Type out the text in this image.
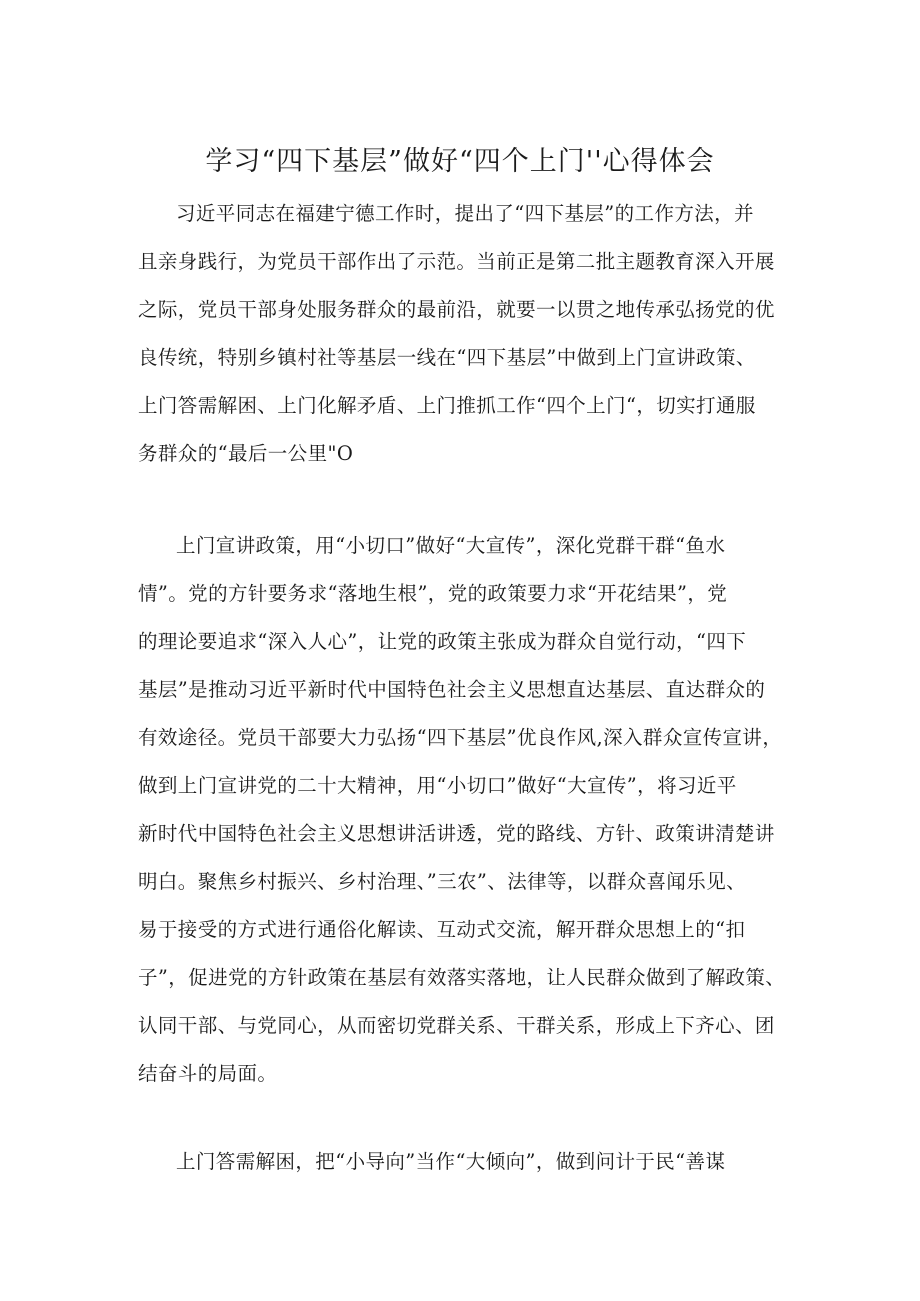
学习“四下基层”做好“四个上门''心得体会
习近平同志在福建宁德工作时，提出了“四下基层”的工作方法，并
且亲身践行，为党员干部作出了示范。当前正是第二批主题教育深入开展
之际，党员干部身处服务群众的最前沿，就要一以贯之地传承弘扬党的优
良传统，特别乡镇村社等基层一线在“四下基层”中做到上门宣讲政策、
上门答需解困、上门化解矛盾、上门推抓工作“四个上门“，切实打通服
务群众的“最后一公里"O
上门宣讲政策，用“小切口”做好“大宣传”，深化党群干群“鱼水
情”。党的方针要务求“落地生根”，党的政策要力求“开花结果”，党
的理论要追求“深入人心”，让党的政策主张成为群众自觉行动，“四下
基层”是推动习近平新时代中国特色社会主义思想直达基层、直达群众的
有效途径。党员干部要大力弘扬“四下基层”优良作风,深入群众宣传宣讲，
做到上门宣讲党的二十大精神，用“小切口”做好“大宣传”，将习近平
新时代中国特色社会主义思想讲活讲透，党的路线、方针、政策讲清楚讲
明白。聚焦乡村振兴、乡村治理、”三农”、法律等，以群众喜闻乐见、
易于接受的方式进行通俗化解读、互动式交流，解开群众思想上的“扣
子”，促进党的方针政策在基层有效落实落地，让人民群众做到了解政策、
认同干部、与党同心，从而密切党群关系、干群关系，形成上下齐心、团
结奋斗的局面。
上门答需解困，把“小导向”当作“大倾向”，做到问计于民“善谋
